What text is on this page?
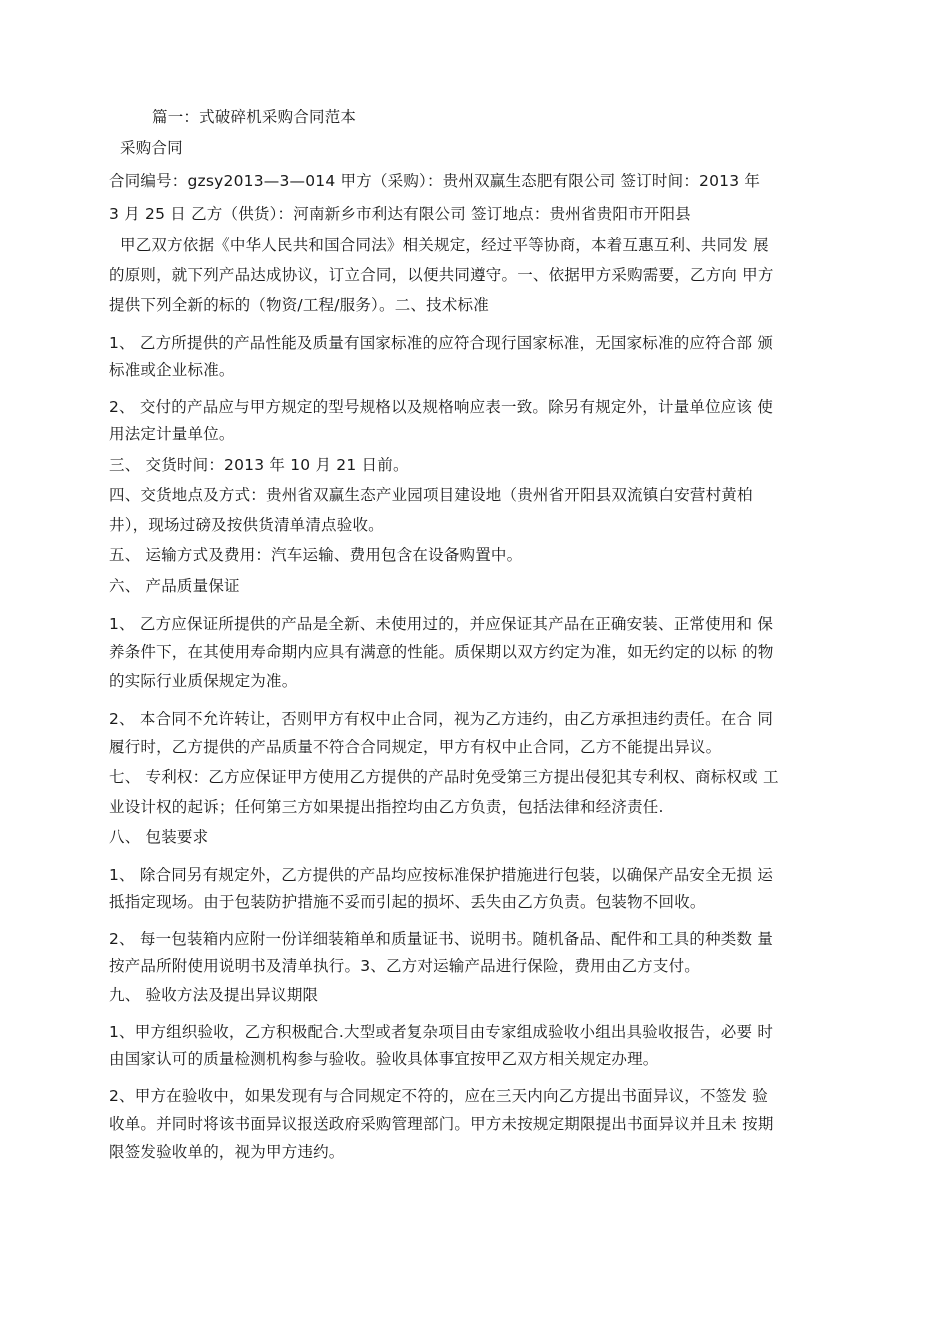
篇一：式破碎机采购合同范本
采购合同
合同编号：gzsy2013—3—014 甲方（采购）：贵州双赢生态肥有限公司 签订时间：2013 年
3 月 25 日 乙方（供货）：河南新乡市利达有限公司 签订地点：贵州省贵阳市开阳县
甲乙双方依据《中华人民共和国合同法》相关规定，经过平等协商，本着互惠互利、共同发 展
的原则，就下列产品达成协议，订立合同，以便共同遵守。一、依据甲方采购需要，乙方向 甲方
提供下列全新的标的（物资/工程/服务）。二、技术标准
1、 乙方所提供的产品性能及质量有国家标准的应符合现行国家标准，无国家标准的应符合部 颁
标准或企业标准。
2、 交付的产品应与甲方规定的型号规格以及规格响应表一致。除另有规定外，计量单位应该 使
用法定计量单位。
三、 交货时间：2013 年 10 月 21 日前。
四、交货地点及方式：贵州省双赢生态产业园项目建设地（贵州省开阳县双流镇白安营村黄柏
井），现场过磅及按供货清单清点验收。
五、 运输方式及费用：汽车运输、费用包含在设备购置中。
六、 产品质量保证
1、 乙方应保证所提供的产品是全新、未使用过的，并应保证其产品在正确安装、正常使用和 保
养条件下，在其使用寿命期内应具有满意的性能。质保期以双方约定为准，如无约定的以标 的物
的实际行业质保规定为准。
2、 本合同不允许转让，否则甲方有权中止合同，视为乙方违约，由乙方承担违约责任。在合 同
履行时，乙方提供的产品质量不符合合同规定，甲方有权中止合同，乙方不能提出异议。
七、 专利权：乙方应保证甲方使用乙方提供的产品时免受第三方提出侵犯其专利权、商标权或 工
业设计权的起诉；任何第三方如果提出指控均由乙方负责，包括法律和经济责任.
八、 包装要求
1、 除合同另有规定外，乙方提供的产品均应按标准保护措施进行包装，以确保产品安全无损 运
抵指定现场。由于包装防护措施不妥而引起的损坏、丢失由乙方负责。包装物不回收。
2、 每一包装箱内应附一份详细装箱单和质量证书、说明书。随机备品、配件和工具的种类数 量
按产品所附使用说明书及清单执行。3、乙方对运输产品进行保险，费用由乙方支付。
九、 验收方法及提出异议期限
1、甲方组织验收，乙方积极配合.大型或者复杂项目由专家组成验收小组出具验收报告，必要 时
由国家认可的质量检测机构参与验收。验收具体事宜按甲乙双方相关规定办理。
2、甲方在验收中，如果发现有与合同规定不符的，应在三天内向乙方提出书面异议，不签发 验
收单。并同时将该书面异议报送政府采购管理部门。甲方未按规定期限提出书面异议并且未 按期
限签发验收单的，视为甲方违约。
